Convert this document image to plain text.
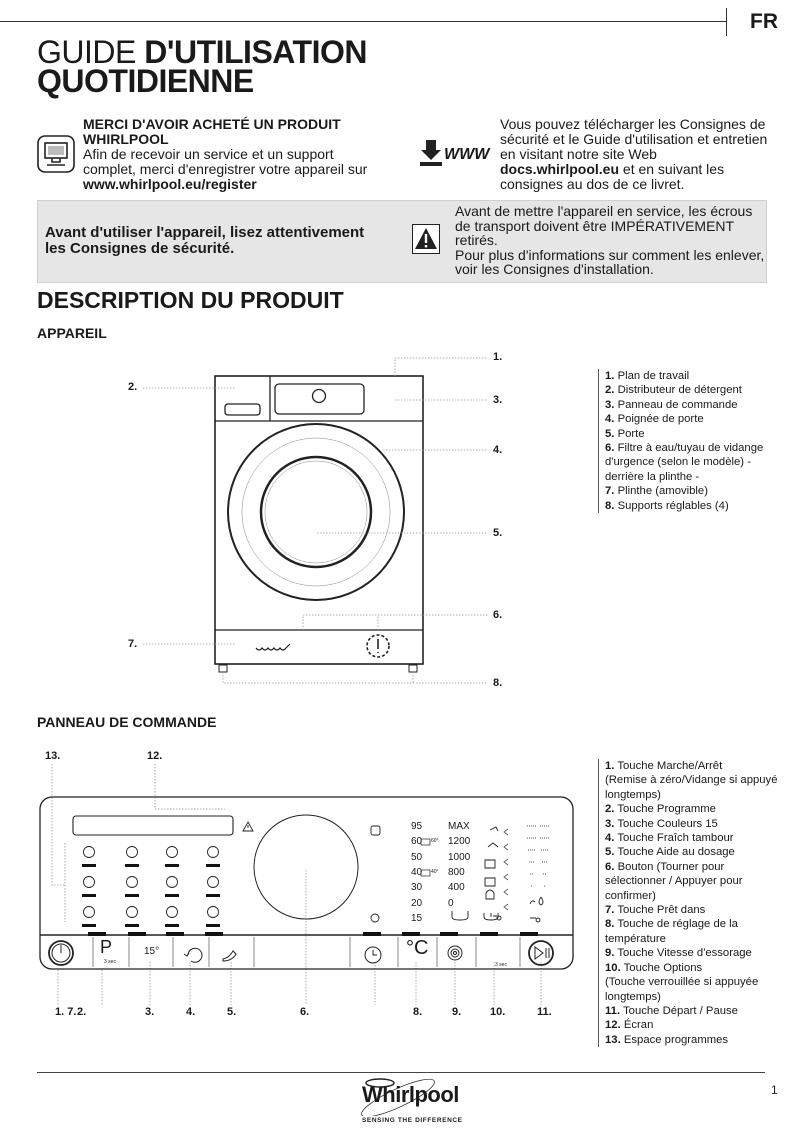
FR
GUIDE D'UTILISATION
QUOTIDIENNE
MERCI D'AVOIR ACHETÉ UN PRODUIT WHIRLPOOL
Afin de recevoir un service et un support complet, merci d'enregistrer votre appareil sur
www.whirlpool.eu/register
WWW
Vous pouvez télécharger les Consignes de sécurité et le Guide d'utilisation et entretien en visitant notre site Web docs.whirlpool.eu et en suivant les consignes au dos de ce livret.
Avant d'utiliser l'appareil, lisez attentivement les Consignes de sécurité.
Avant de mettre l'appareil en service, les écrous de transport doivent être IMPÉRATIVEMENT retirés.
Pour plus d'informations sur comment les enlever, voir les Consignes d'installation.
DESCRIPTION DU PRODUIT
APPAREIL
1.
2.
3.
4.
5.
6.
7.
8.
1. Plan de travail
2. Distributeur de détergent
3. Panneau de commande
4. Poignée de porte
5. Porte
6. Filtre à eau/tuyau de vidange
d'urgence (selon le modèle) -
derrière la plinthe -
7. Plinthe (amovible)
8. Supports réglables (4)
PANNEAU DE COMMANDE
13.	12.
95
60
50
40
30
20
15
MAX
1200
1000
800
400
0
60°
40°
P
3 sec
15°
3 sec
°C
1. 7. 2.	3.	4.	5.	6.	8.	9.	10.	11.
1. Touche Marche/Arrêt
(Remise à zéro/Vidange si appuyé
longtemps)
2. Touche Programme
3. Touche Couleurs 15
4. Touche Fraîch tambour
5. Touche Aide au dosage
6. Bouton (Tourner pour
sélectionner / Appuyer pour
confirmer)
7. Touche Prêt dans
8. Touche de réglage de la
température
9. Touche Vitesse d'essorage
10. Touche Options
(Touche verrouillée si appuyée
longtemps)
11. Touche Départ / Pause
12. Écran
13. Espace programmes
1
Whirlpool
SENSING THE DIFFERENCE
